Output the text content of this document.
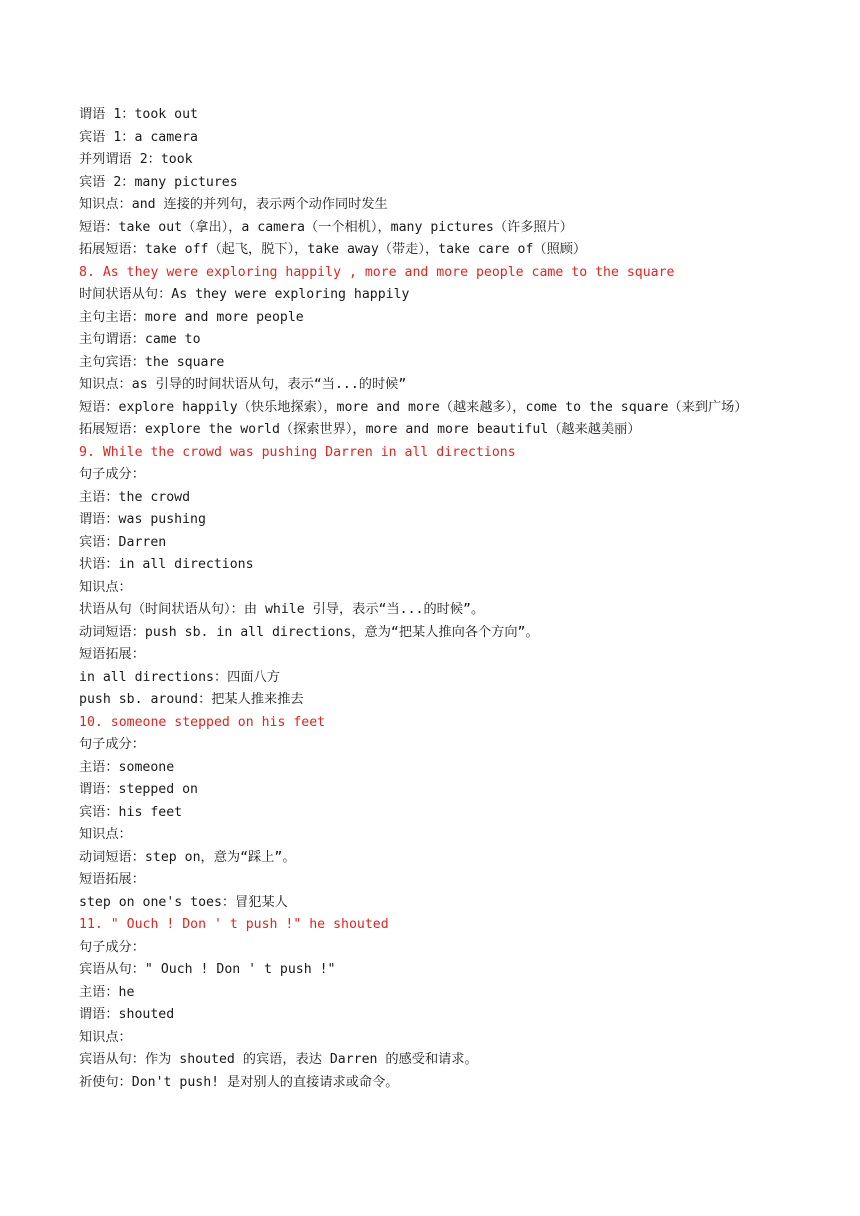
谓语 1：took out
宾语 1：a camera
并列谓语 2：took
宾语 2：many pictures
知识点：and 连接的并列句，表示两个动作同时发生
短语：take out（拿出），a camera（一个相机），many pictures（许多照片）
拓展短语：take off（起飞，脱下），take away（带走），take care of（照顾）
8. As they were exploring happily , more and more people came to the square
时间状语从句：As they were exploring happily
主句主语：more and more people
主句谓语：came to
主句宾语：the square
知识点：as 引导的时间状语从句，表示“当...的时候”
短语：explore happily（快乐地探索），more and more（越来越多），come to the square（来到广场）
拓展短语：explore the world（探索世界），more and more beautiful（越来越美丽）
9. While the crowd was pushing Darren in all directions
句子成分：
主语：the crowd
谓语：was pushing
宾语：Darren
状语：in all directions
知识点：
状语从句（时间状语从句）：由 while 引导，表示“当...的时候”。
动词短语：push sb. in all directions，意为“把某人推向各个方向”。
短语拓展：
in all directions：四面八方
push sb. around：把某人推来推去
10. someone stepped on his feet
句子成分：
主语：someone
谓语：stepped on
宾语：his feet
知识点：
动词短语：step on，意为“踩上”。
短语拓展：
step on one's toes：冒犯某人
11. " Ouch ! Don ' t push !" he shouted
句子成分：
宾语从句：" Ouch ! Don ' t push !"
主语：he
谓语：shouted
知识点：
宾语从句：作为 shouted 的宾语，表达 Darren 的感受和请求。
祈使句：Don't push! 是对别人的直接请求或命令。
